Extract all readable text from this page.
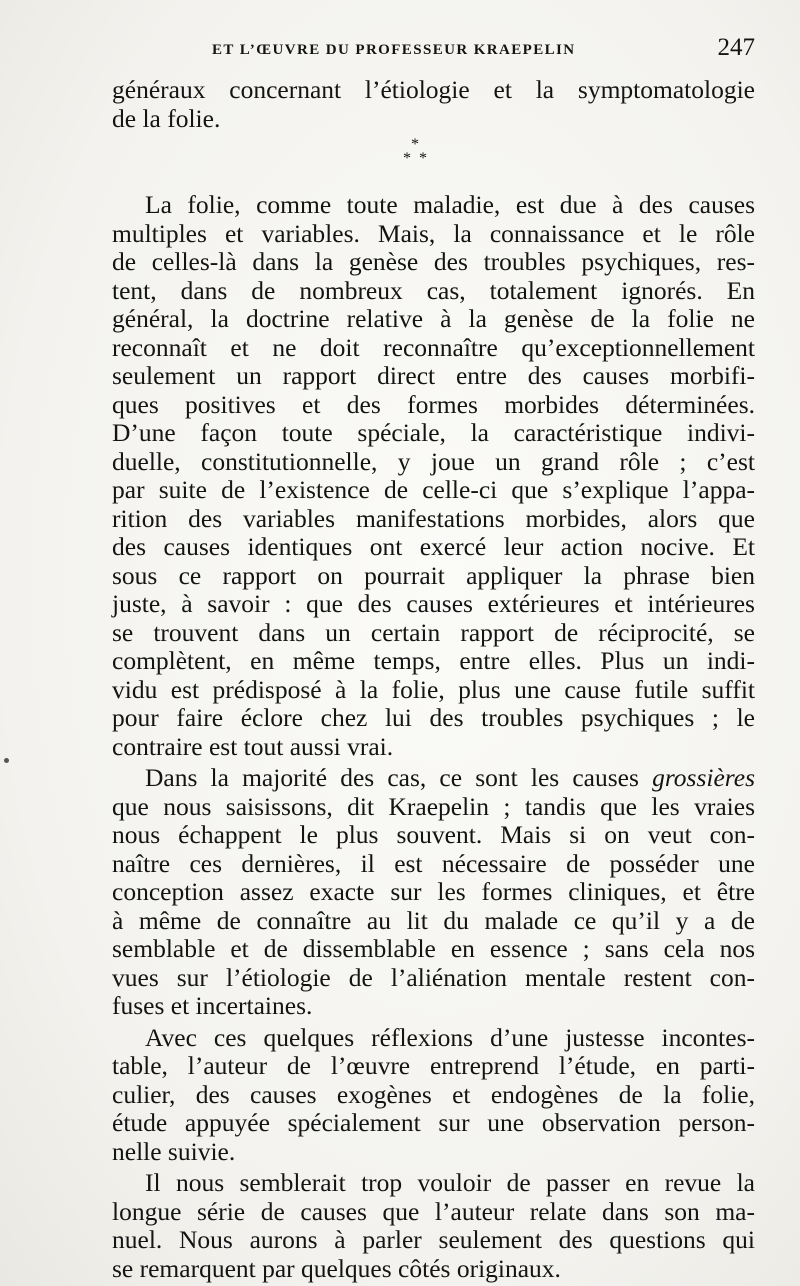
ET L’ŒUVRE DU PROFESSEUR KRAEPELIN	247
généraux concernant l’étiologie et la symptomatologie
de la folie.
*
* *
La folie, comme toute maladie, est due à des causes
multiples et variables. Mais, la connaissance et le rôle
de celles-là dans la genèse des troubles psychiques, res-
tent, dans de nombreux cas, totalement ignorés. En
général, la doctrine relative à la genèse de la folie ne
reconnaît et ne doit reconnaître qu’exceptionnellement
seulement un rapport direct entre des causes morbifi-
ques positives et des formes morbides déterminées.
D’une façon toute spéciale, la caractéristique indivi-
duelle, constitutionnelle, y joue un grand rôle ; c’est
par suite de l’existence de celle-ci que s’explique l’appa-
rition des variables manifestations morbides, alors que
des causes identiques ont exercé leur action nocive. Et
sous ce rapport on pourrait appliquer la phrase bien
juste, à savoir : que des causes extérieures et intérieures
se trouvent dans un certain rapport de réciprocité, se
complètent, en même temps, entre elles. Plus un indi-
vidu est prédisposé à la folie, plus une cause futile suffit
pour faire éclore chez lui des troubles psychiques ; le
contraire est tout aussi vrai.
Dans la majorité des cas, ce sont les causes grossières
que nous saisissons, dit Kraepelin ; tandis que les vraies
nous échappent le plus souvent. Mais si on veut con-
naître ces dernières, il est nécessaire de posséder une
conception assez exacte sur les formes cliniques, et être
à même de connaître au lit du malade ce qu’il y a de
semblable et de dissemblable en essence ; sans cela nos
vues sur l’étiologie de l’aliénation mentale restent con-
fuses et incertaines.
Avec ces quelques réflexions d’une justesse incontes-
table, l’auteur de l’œuvre entreprend l’étude, en parti-
culier, des causes exogènes et endogènes de la folie,
étude appuyée spécialement sur une observation person-
nelle suivie.
Il nous semblerait trop vouloir de passer en revue la
longue série de causes que l’auteur relate dans son ma-
nuel. Nous aurons à parler seulement des questions qui
se remarquent par quelques côtés originaux.
